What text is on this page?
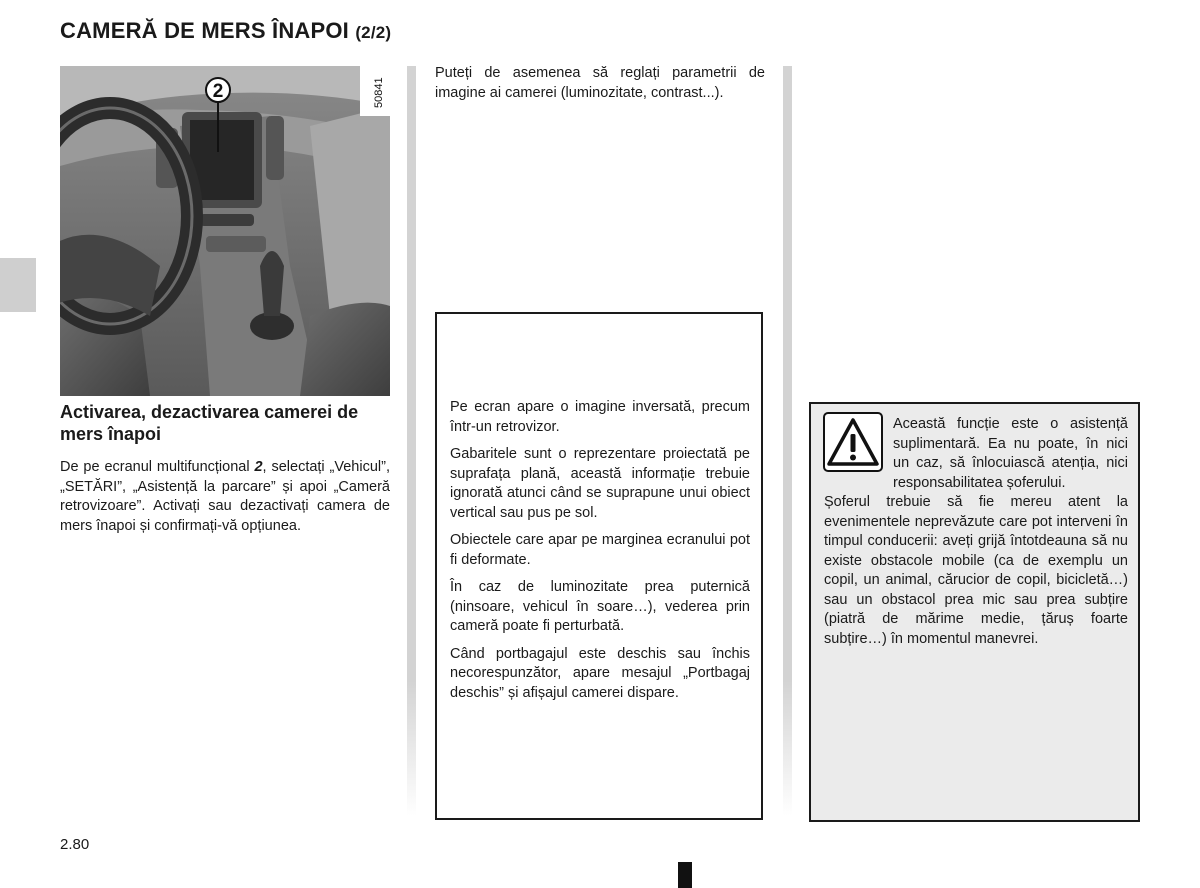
CAMERĂ DE MERS ÎNAPOI (2/2)
2	50841
Activarea, dezactivarea camerei de mers înapoi
De pe ecranul multifuncțional 2, selectați „Vehicul”, „SETĂRI”, „Asistență la parcare” și apoi „Cameră retrovizoare”. Activați sau dezactivați camera de mers înapoi și confirmați-vă opțiunea.
Puteți de asemenea să reglați parametrii de imagine ai camerei (luminozitate, contrast...).

Pe ecran apare o imagine inversată, precum într-un retrovizor.

Gabaritele sunt o reprezentare proiectată pe suprafața plană, această informație trebuie ignorată atunci când se suprapune unui obiect vertical sau pus pe sol.

Obiectele care apar pe marginea ecranului pot fi deformate.

În caz de luminozitate prea puternică (ninsoare, vehicul în soare…), vederea prin cameră poate fi perturbată.

Când portbagajul este deschis sau închis necorespunzător, apare mesajul „Portbagaj deschis” și afișajul camerei dispare.

Această funcție este o asistență suplimentară. Ea nu poate, în nici un caz, să înlocuiască atenția, nici responsabilitatea șoferului.
Șoferul trebuie să fie mereu atent la evenimentele neprevăzute care pot interveni în timpul conducerii: aveți grijă întotdeauna să nu existe obstacole mobile (ca de exemplu un copil, un animal, cărucior de copil, bicicletă…) sau un obstacol prea mic sau prea subțire (piatră de mărime medie, țăruș foarte subțire…) în momentul manevrei.
2.80
